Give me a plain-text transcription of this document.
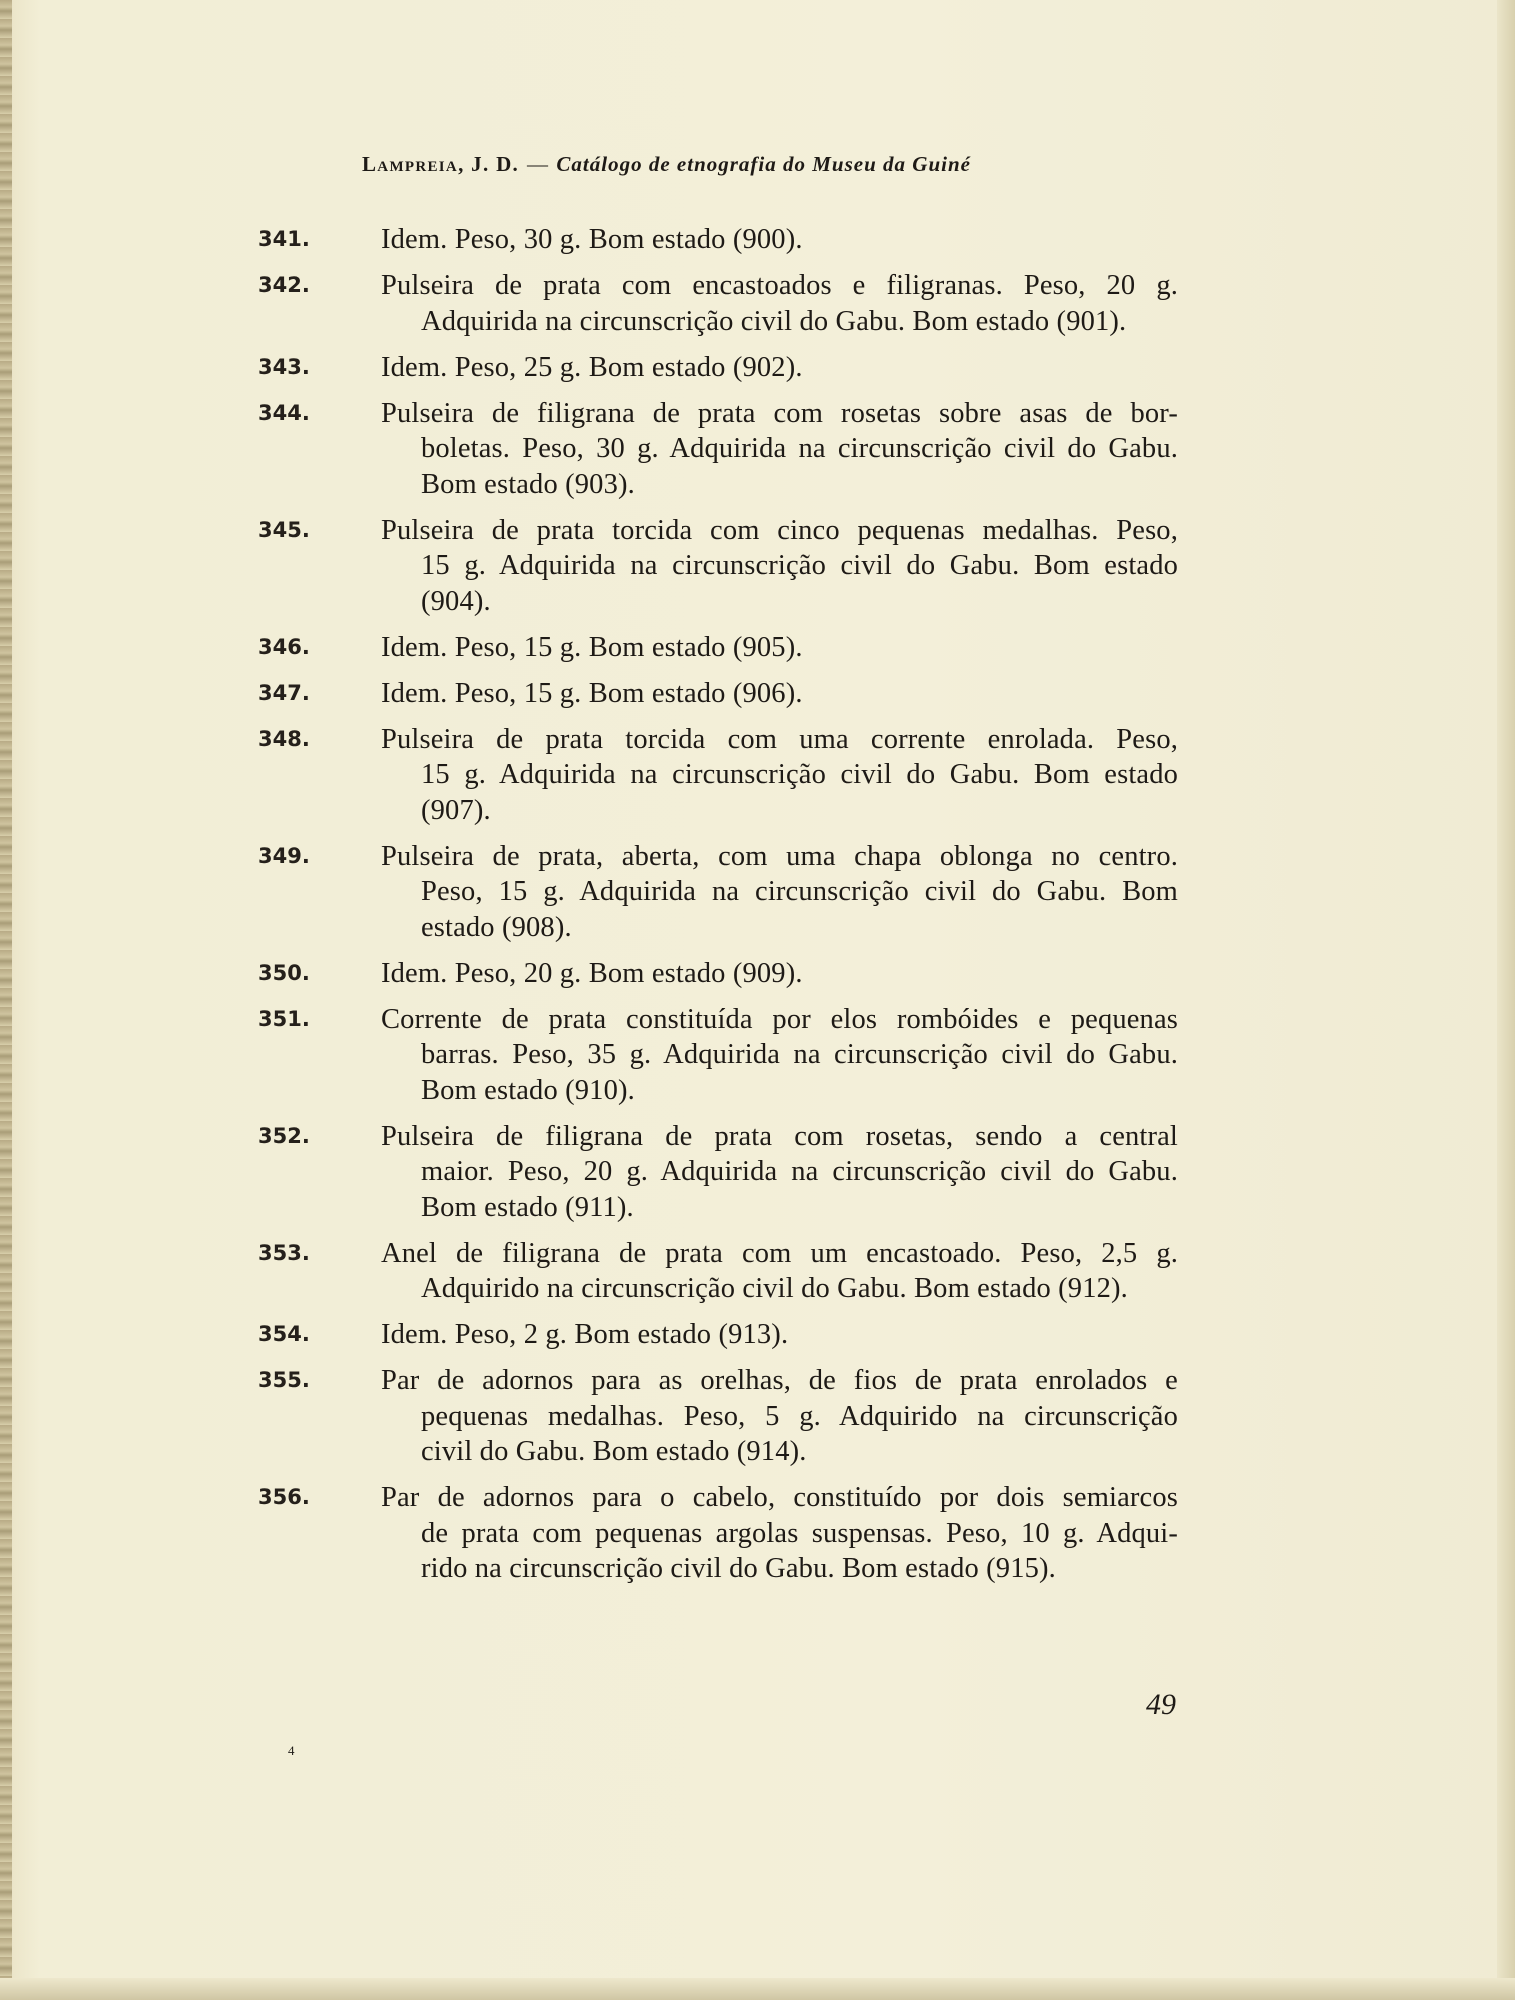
Lampreia, J. D. — Catálogo de etnografia do Museu da Guiné
341. Idem. Peso, 30 g. Bom estado (900).
342. Pulseira de prata com encastoados e filigranas. Peso, 20 g.
Adquirida na circunscrição civil do Gabu. Bom estado (901).
343. Idem. Peso, 25 g. Bom estado (902).
344. Pulseira de filigrana de prata com rosetas sobre asas de bor-
boletas. Peso, 30 g. Adquirida na circunscrição civil do Gabu.
Bom estado (903).
345. Pulseira de prata torcida com cinco pequenas medalhas. Peso,
15 g. Adquirida na circunscrição civil do Gabu. Bom estado
(904).
346. Idem. Peso, 15 g. Bom estado (905).
347. Idem. Peso, 15 g. Bom estado (906).
348. Pulseira de prata torcida com uma corrente enrolada. Peso,
15 g. Adquirida na circunscrição civil do Gabu. Bom estado
(907).
349. Pulseira de prata, aberta, com uma chapa oblonga no centro.
Peso, 15 g. Adquirida na circunscrição civil do Gabu. Bom
estado (908).
350. Idem. Peso, 20 g. Bom estado (909).
351. Corrente de prata constituída por elos rombóides e pequenas
barras. Peso, 35 g. Adquirida na circunscrição civil do Gabu.
Bom estado (910).
352. Pulseira de filigrana de prata com rosetas, sendo a central
maior. Peso, 20 g. Adquirida na circunscrição civil do Gabu.
Bom estado (911).
353. Anel de filigrana de prata com um encastoado. Peso, 2,5 g.
Adquirido na circunscrição civil do Gabu. Bom estado (912).
354. Idem. Peso, 2 g. Bom estado (913).
355. Par de adornos para as orelhas, de fios de prata enrolados e
pequenas medalhas. Peso, 5 g. Adquirido na circunscrição
civil do Gabu. Bom estado (914).
356. Par de adornos para o cabelo, constituído por dois semiarcos
de prata com pequenas argolas suspensas. Peso, 10 g. Adqui-
rido na circunscrição civil do Gabu. Bom estado (915).
49
4
